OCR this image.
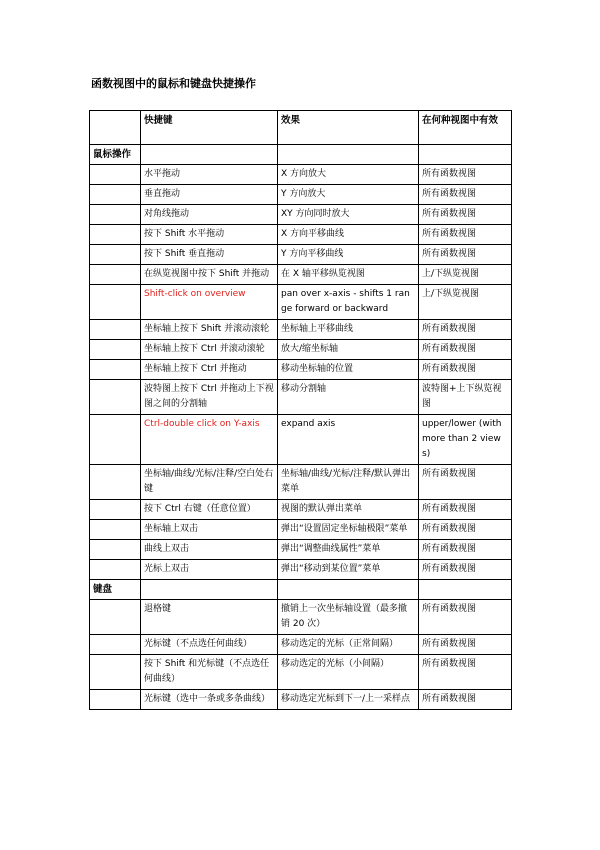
函数视图中的鼠标和键盘快捷操作
	快捷键	效果	在何种视图中有效
鼠标操作			
	水平拖动	X 方向放大	所有函数视图
	垂直拖动	Y 方向放大	所有函数视图
	对角线拖动	XY 方向同时放大	所有函数视图
	按下 Shift 水平拖动	X 方向平移曲线	所有函数视图
	按下 Shift 垂直拖动	Y 方向平移曲线	所有函数视图
	在纵览视图中按下 Shift 并拖动	在 X 轴平移纵览视图	上/下纵览视图
	Shift-click on overview	pan over x-axis - shifts 1 range forward or backward	上/下纵览视图
	坐标轴上按下 Shift 并滚动滚轮	坐标轴上平移曲线	所有函数视图
	坐标轴上按下 Ctrl 并滚动滚轮	放大/缩坐标轴	所有函数视图
	坐标轴上按下 Ctrl 并拖动	移动坐标轴的位置	所有函数视图
	波特图上按下 Ctrl 并拖动上下视图之间的分割轴	移动分割轴	波特图+上下纵览视图
	Ctrl-double click on Y-axis	expand axis	upper/lower (with more than 2 views)
	坐标轴/曲线/光标/注释/空白处右键	坐标轴/曲线/光标/注释/默认弹出菜单	所有函数视图
	按下 Ctrl 右键（任意位置）	视图的默认弹出菜单	所有函数视图
	坐标轴上双击	弹出“设置固定坐标轴极限”菜单	所有函数视图
	曲线上双击	弹出“调整曲线属性”菜单	所有函数视图
	光标上双击	弹出“移动到某位置”菜单	所有函数视图
键盘			
	退格键	撤销上一次坐标轴设置（最多撤销 20 次）	所有函数视图
	光标键（不点选任何曲线）	移动选定的光标（正常间隔）	所有函数视图
	按下 Shift 和光标键（不点选任何曲线）	移动选定的光标（小间隔）	所有函数视图
	光标键（选中一条或多条曲线）	移动选定光标到下一/上一采样点	所有函数视图
